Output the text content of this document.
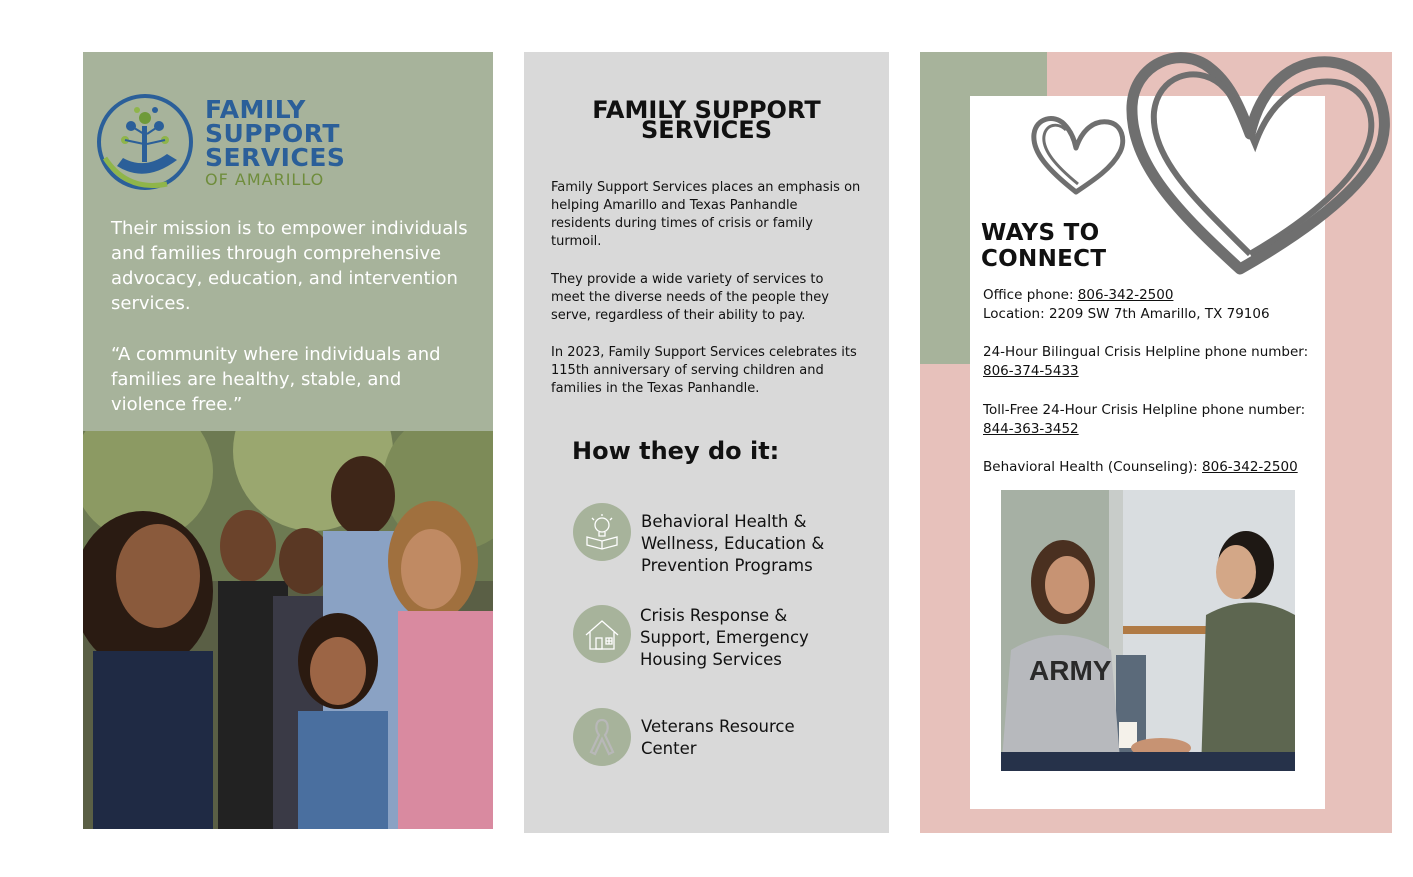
FAMILY
SUPPORT
SERVICES
OF AMARILLO

Their mission is to empower individuals and families through comprehensive advocacy, education, and intervention services.

“A community where individuals and families are healthy, stable, and violence free.”

FAMILY SUPPORT
SERVICES

Family Support Services places an emphasis on helping Amarillo and Texas Panhandle residents during times of crisis or family turmoil.

They provide a wide variety of services to meet the diverse needs of the people they serve, regardless of their ability to pay.

In 2023, Family Support Services celebrates its 115th anniversary of serving children and families in the Texas Panhandle.

How they do it:
Behavioral Health & Wellness, Education & Prevention Programs
Crisis Response & Support, Emergency Housing Services
Veterans Resource Center
WAYS TO
CONNECT
Office phone: 806-342-2500
Location: 2209 SW 7th Amarillo, TX 79106
24-Hour Bilingual Crisis Helpline phone number:
806-374-5433
Toll-Free 24-Hour Crisis Helpline phone number:
844-363-3452
Behavioral Health (Counseling): 806-342-2500
ARMY
